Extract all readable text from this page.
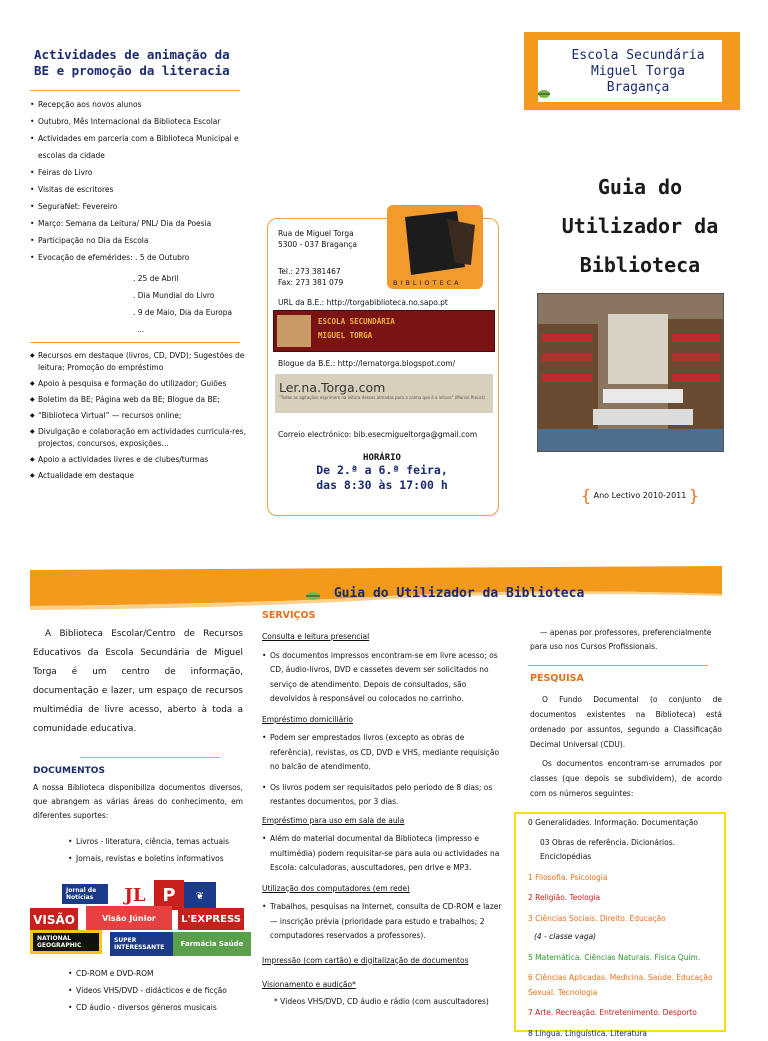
Actividades de animação da
BE e promoção da literacia
• Recepção aos novos alunos
• Outubro, Mês Internacional da Biblioteca Escolar
• Actividades em parceria com a Biblioteca Municipal e escolas da cidade
• Feiras do Livro
• Visitas de escritores
• SeguraNet: Fevereiro
• Março: Semana da Leitura/ PNL/ Dia da Poesia
• Participação no Dia da Escola
• Evocação de efemérides: . 5 de Outubro
. 25 de Abril
. Dia Mundial do Livro
. 9 de Maio, Dia da Europa
...
◆ Recursos em destaque (livros, CD, DVD); Sugestões de leitura; Promoção do empréstimo
◆ Apoio à pesquisa e formação do utilizador; Guiões
◆ Boletim da BE; Página web da BE; Blogue da BE;
◆ “Biblioteca Virtual” — recursos online;
◆ Divulgação e colaboração em actividades curricula-res, projectos, concursos, exposições…
◆ Apoio a actividades livres e de clubes/turmas
◆ Actualidade em destaque
Rua de Miguel Torga
5300 - 037 Bragança
Tel.: 273 381467
Fax: 273 381 079	BIBLIOTECA
URL da B.E.: http://torgabiblioteca.no.sapo.pt
ESCOLA SECUNDÁRIA
MIGUEL TORGA
Blogue da B.E.: http://lernatorga.blogspot.com/
Ler.na.Torga.com
"Todas as agitações exprimem na leitura dessas almadas para a calma que é a leitura" (Marcel Proust)
Correio electrónico: bib.esecmigueltorga@gmail.com
HORÁRIO
De 2.ª a 6.ª feira,
das 8:30 às 17:00 h
Escola Secundária
Miguel Torga
Bragança
Guia do
Utilizador da
Biblioteca
{ Ano Lectivo 2010-2011 }
Guia do Utilizador da Biblioteca
A Biblioteca Escolar/Centro de Recursos Educativos da Escola Secundária de Miguel Torga é um centro de informação, documentação e lazer, um espaço de recursos multimédia de livre acesso, aberto à toda a comunidade educativa.
DOCUMENTOS
A nossa Biblioteca disponibiliza documentos diversos, que abrangem as várias áreas do conhecimento, em diferentes suportes:
• Livros - literatura, ciência, temas actuais
• Jornais, revistas e boletins informativos
Jornal de Notícias	JL P	❦
VISÃO	Visão Júnior	L'EXPRESS
NATIONAL GEOGRAPHIC
SUPER INTERESSANTE	Farmácia Saúde
• CD-ROM e DVD-ROM
• Vídeos VHS/DVD - didácticos e de ficção
• CD áudio - diversos géneros musicais
SERVIÇOS
Consulta e leitura presencial
• Os documentos impressos encontram-se em livre acesso; os CD, áudio-livros, DVD e cassetes devem ser solicitados no serviço de atendimento. Depois de consultados, são devolvidos à responsável ou colocados no carrinho.
Empréstimo domiciliário
• Podem ser emprestados livros (excepto as obras de referência), revistas, os CD, DVD e VHS, mediante requisição no balcão de atendimento.
• Os livros podem ser requisitados pelo período de 8 dias; os restantes documentos, por 3 dias.
Empréstimo para uso em sala de aula
• Além do material documental da Biblioteca (impresso e multimédia) podem requisitar-se para aula ou actividades na Escola: calculadoras, auscultadores, pen drive e MP3.
Utilização dos computadores (em rede)
• Trabalhos, pesquisas na Internet, consulta de CD-ROM e lazer — inscrição prévia (prioridade para estudo e trabalhos; 2 computadores reservados a professores).
Impressão (com cartão) e digitalização de documentos
Visionamento e audição*
* Vídeos VHS/DVD, CD áudio e rádio (com auscultadores)
— apenas por professores, preferencialmente para uso nos Cursos Profissionais.
PESQUISA
O Fundo Documental (o conjunto de documentos existentes na Biblioteca) está ordenado por assuntos, segundo a Classificação Decimal Universal (CDU).
Os documentos encontram-se arrumados por classes (que depois se subdividem), de acordo com os números seguintes:
0 Generalidades. Informação. Documentação
03 Obras de referência. Dicionários. Enciclopédias
1 Filosofia. Psicologia
2 Religião. Teologia
3 Ciências Sociais. Direito. Educação
(4 - classe vaga)
5 Matemática. Ciências Naturais. Física Quím.
6 Ciências Aplicadas. Medicina. Saúde. Educação Sexual. Tecnologia
7 Arte. Recreação. Entretenimento. Desporto
8 Língua. Linguística. Literatura
